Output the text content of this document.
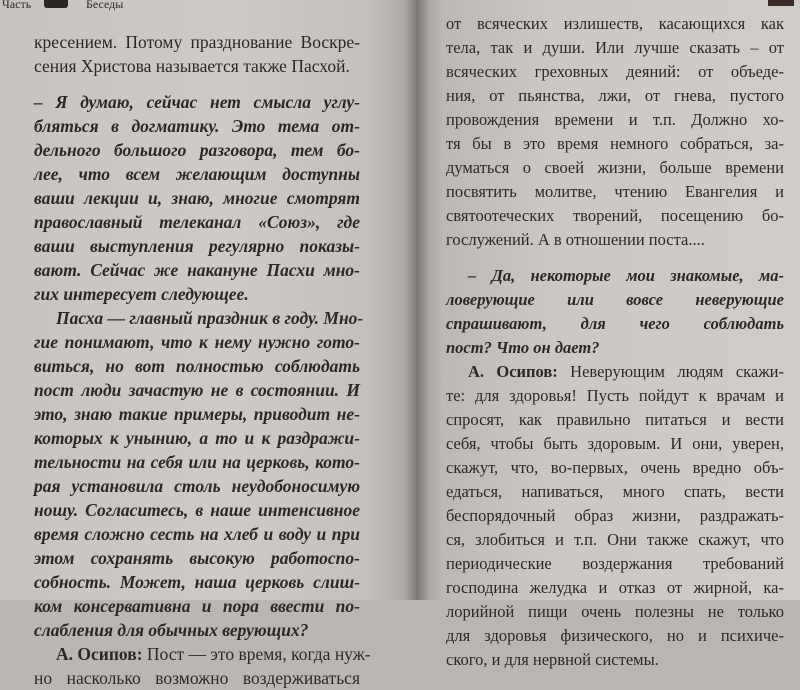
Часть	Беседы
кресением. Потому празднование Воскре-
сения Христова называется также Пасхой.
– Я думаю, сейчас нет смысла углу-
бляться в догматику. Это тема от-
дельного большого разговора, тем бо-
лее, что всем желающим доступны
ваши лекции и, знаю, многие смотрят
православный телеканал «Союз», где
ваши выступления регулярно показы-
вают. Сейчас же накануне Пасхи мно-
гих интересует следующее.
Пасха — главный праздник в году. Мно-
гие понимают, что к нему нужно гото-
виться, но вот полностью соблюдать
пост люди зачастую не в состоянии. И
это, знаю такие примеры, приводит не-
которых к унынию, а то и к раздражи-
тельности на себя или на церковь, кото-
рая установила столь неудобоносимую
ношу. Согласитесь, в наше интенсивное
время сложно сесть на хлеб и воду и при
этом сохранять высокую работоспо-
собность. Может, наша церковь слиш-
ком консервативна и пора ввести по-
слабления для обычных верующих?
А. Осипов: Пост — это время, когда нуж-
но насколько возможно воздерживаться
от всяческих излишеств, касающихся как
тела, так и души. Или лучше сказать – от
всяческих греховных деяний: от объеде-
ния, от пьянства, лжи, от гнева, пустого
провождения времени и т.п. Должно хо-
тя бы в это время немного собраться, за-
думаться о своей жизни, больше времени
посвятить молитве, чтению Евангелия и
святоотеческих творений, посещению бо-
гослужений. А в отношении поста....
– Да, некоторые мои знакомые, ма-
ловерующие или вовсе неверующие
спрашивают, для чего соблюдать
пост? Что он дает?
А. Осипов: Неверующим людям скажи-
те: для здоровья! Пусть пойдут к врачам и
спросят, как правильно питаться и вести
себя, чтобы быть здоровым. И они, уверен,
скажут, что, во-первых, очень вредно объ-
едаться, напиваться, много спать, вести
беспорядочный образ жизни, раздражать-
ся, злобиться и т.п. Они также скажут, что
периодические воздержания требований
господина желудка и отказ от жирной, ка-
лорийной пищи очень полезны не только
для здоровья физического, но и психиче-
ского, и для нервной системы.
